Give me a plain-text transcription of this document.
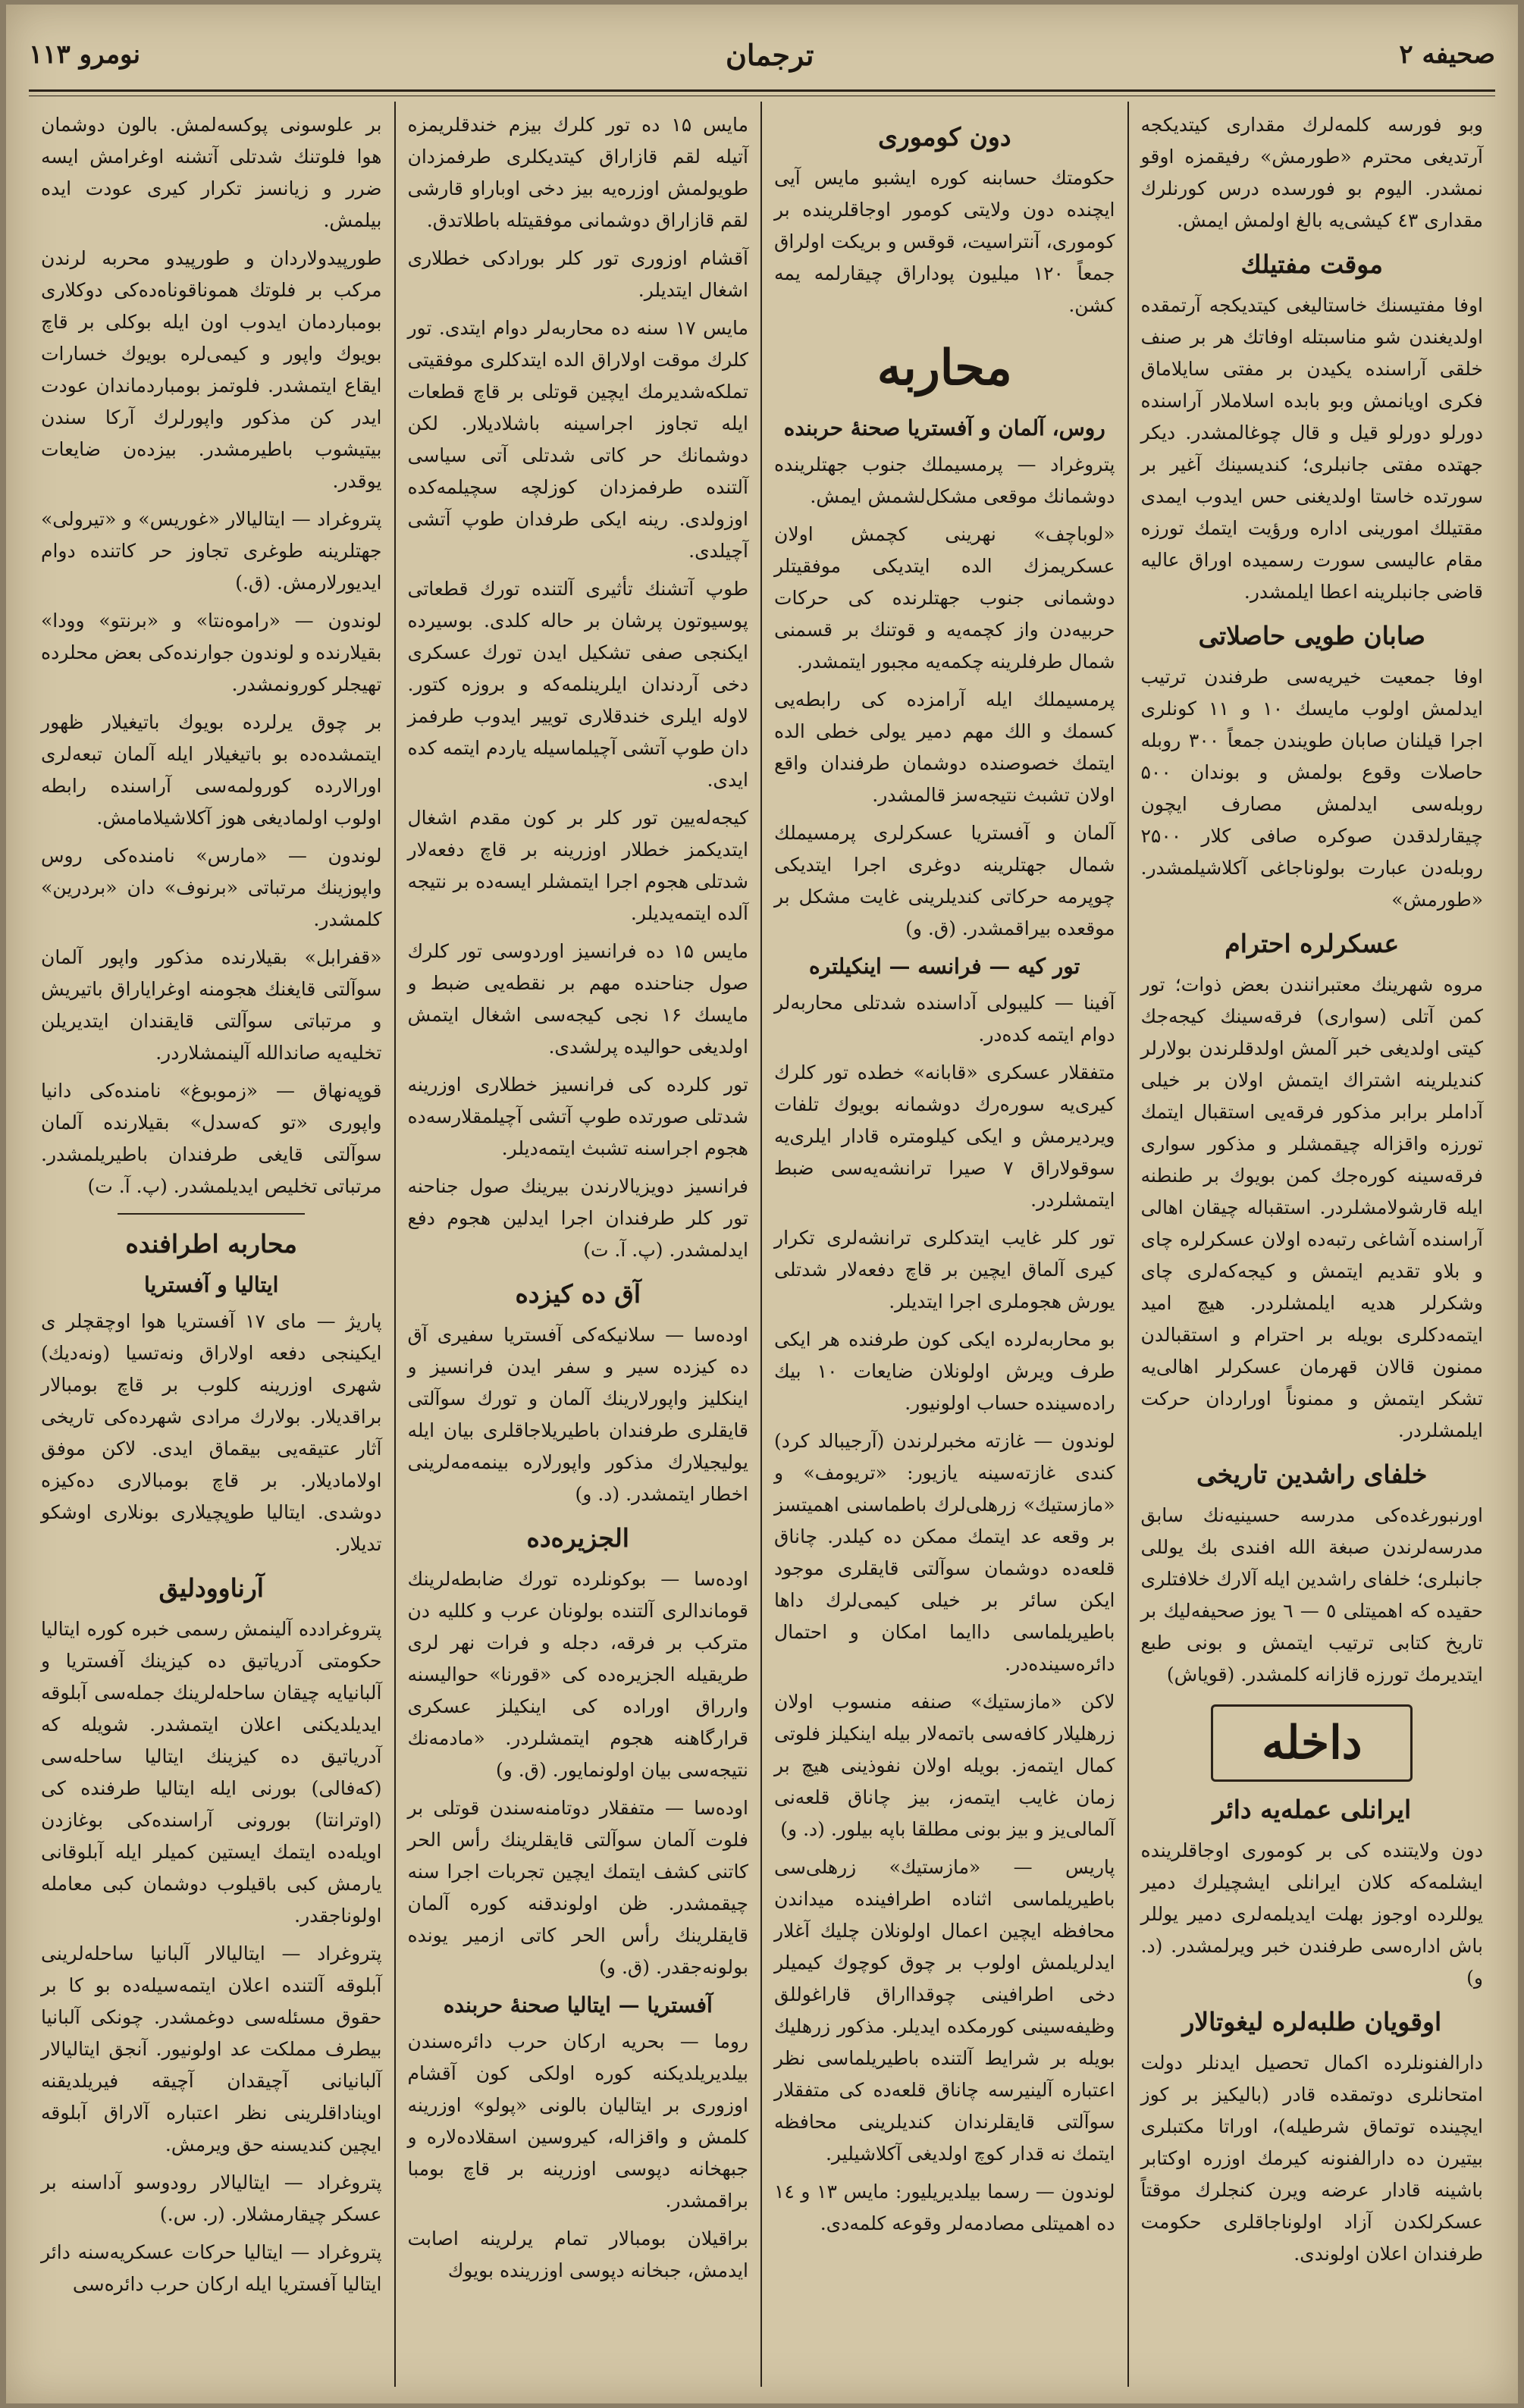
صحيفه ۲
ترجمان
نومرو ۱۱۳

وبو فورسه كلمه‌لرك مقداری كيتديكجه آرتديغی محترم «طورمش» رفيقمزه اوقو نمشدر. الیوم بو فورسده درس كورنلرك مقداری ٤٣ كيشی‌يه بالغ اولمش ايمش.

موقت مفتيلك

اوفا مفتيسنك خاستالیغی كيتديكجه آرتمقده اولديغندن شو مناسبتله اوفاتك هر بر صنف خلقی آراسنده يكيدن بر مفتی سايلاماق فكری اويانمش وبو بابده اسلاملار آراسنده دورلو دورلو قيل و قال چوغالمشدر. ديكر جهتده مفتی جانبلری؛ كنديسينك آغير بر سورتده خاستا اولديغنی حس ايدوب ايمدی مقتيلك امورينی اداره ورؤيت ايتمك تورزه مقام عاليسی سورت رسميده اوراق عالیه قاضی جانبلرينه اعطا ايلمشدر.

صابان طويی حاصلاتی

اوفا جمعيت خيريه‌سی طرفندن ترتيب ايدلمش اولوب مايسك ۱۰ و ۱۱ كونلری اجرا قيلنان صابان طويندن جمعاً ۳۰۰ روبله حاصلات وقوع بولمش و بوندان ۵۰۰ روبله‌سی ايدلمش مصارف ايچون چيقارلدقدن صوكره صافی كلار ۲۵۰۰ روبله‌دن عبارت بولوناجاغی آكلاشيلمشدر. «طورمش»

عسكرلره احترام

مروه شهرينك معتبرانندن بعض ذوات؛ تور كمن آتلی (سواری) فرقه‌سينك كيجه‌جك كيتی اولديغی خبر آلمش اولدقلرندن بولارلر كنديلرينه اشتراك ايتمش اولان بر خيلی آداملر برابر مذكور فرقه‌يی استقبال ايتمك تورزه واقزاله چيقمشلر و مذكور سواری فرقه‌سينه كوره‌جك كمن بويوك بر طنطنه ايله قارشولامشلردر. استقباله چيقان اهالی آراسنده آشاغی رتبه‌ده اولان عسكرلره چای و بلاو تقديم ايتمش و كيجه‌كه‌لری چای وشكرلر هديه ايلمشلردر. هيچ اميد ايتمه‌دكلری بويله بر احترام و استقبالدن ممنون قالان قهرمان عسكرلر اهالی‌يه تشكر ايتمش و ممنوناً اوراردان حركت ايلمشلردر.

خلفای راشدين تاريخی

اورنبورغده‌كی مدرسه حسينيه‌نك سابق مدرسه‌لرندن صبغة الله افندی بك يوللی جانبلری؛ خلفای راشدين ايله آلارك خلافتلری حقيده ‌كه اهميتلی ٥ — ٦ يوز صحيفه‌ليك بر تاريخ كتابی ترتيب ايتمش و بونی طبع ايتديرمك تورزه قازانه كلمشدر. (قوياش)

داخله
ايرانلی عمله‌يه دائر

دون ولايتنده كی بر كوموری اوجاقلرينده ايشلمه‌كه كلان ايرانلی ايشچيلرك دمير يوللرده اوجوز بهلت ايديلمه‌لری دمير يوللر باش اداره‌سی طرفندن خبر ويرلمشدر. (د. و)

اوقويان طلبه‌لره ليغوتالار

دارالفنونلرده اكمال تحصيل ايدنلر دولت امتحانلری دوتمقده قادر (باليكيز بر كوز ايچينده توتماق شرطيله)، اوراتا مكتبلری بيتيرن ده دارالفنونه كيرمك اوزره اوكتابر باشينه قادار عرضه ويرن كنجلرك موقتاً عسكرلكدن آزاد اولوناجاقلری حكومت طرفندان اعلان اولوندی.

دون كوموری

حكومتك حسابنه كوره ايشبو مايس آيی ايچنده دون ولايتی كومور اوجاقلرينده بر كوموری، آنتراسيت، قوقس و بريكت اولراق جمعاً ۱۲۰ ميليون پوداراق چيقارلمه يمه كشن.

محاربه
روس، آلمان و آفستريا صحنهٔ حربنده

پتروغراد — پرمسیملك جنوب جهتلرينده دوشمانك موقعی مشكل‌لشمش ايمش.

«لوباچف» نهرينی كچمش اولان عسكريمزك الده ايتديكی موفقيتلر دوشمانی جنوب جهتلرنده كی حركات حربيه‌دن واز كچمه‌يه و قوتنك بر قسمنی شمال طرفلرينه چكمه‌يه مجبور ايتمشدر.

پرمسيملك ايله آرامزده كی رابطه‌يی كسمك و الك مهم دمير يولی خطی الده ايتمك خصوصنده دوشمان طرفندان واقع اولان تشبث نتيجه‌سز قالمشدر.

آلمان و آفستريا عسكرلری پرمسيملك شمال جهتلرينه دوغری اجرا ايتديكی چوپرمه حركاتی كنديلرينی غايت مشكل بر موقعده بيراقمشدر. (ق. و)

تور كيه — فرانسه — اينكيلتره

آفينا — كليبولی آداسنده شدتلی محاربه‌لر دوام ايتمه كده‌در.

متفقلار عسكری «قابانه» خطده تور كلرك كيری‌يه سوره‌رك دوشمانه بويوك تلفات ويرديرمش و ايكی كيلومتره قادار ايلری‌يه سوقولاراق ۷ صيرا ترانشه‌يه‌سی ضبط ايتمشلردر.

تور كلر غايب ايتدكلری ترانشه‌لری تكرار كيری آلماق ايچين بر قاچ دفعه‌لار شدتلی يورش هجوملری اجرا ايتديلر.

بو محاربه‌لرده ايكی كون طرفنده هر ايكی طرف ويرش اولونلان ضايعات ۱۰ بيك راده‌سينده حساب اولونيور.

لوندون — غازته مخبرلرندن (آرجيبالد كرد) كندی غازته‌سينه يازيور: «تريومف» و «مازستيك» زرهلی‌لرك باطماسنی اهميتسز بر وقعه عد ايتمك ممكن ده كيلدر. چاناق قلعه‌ده دوشمان سوآلتی قايقلری موجود ايكن سائر بر خيلی كيمی‌لرك داها باطيريلماسی داايما امكان و احتمال دائره‌سينده‌در.

لاكن «مازستيك» صنفه منسوب اولان زرهليلار كافه‌سی باتمه‌لار بيله اينكيلز فلوتی كمال ايتمه‌ز. بويله اولان نفوذينی هيچ بر زمان غايب ايتمه‌ز، بيز چاناق قلعه‌نی آلمالی‌يز و بيز بونی مطلقا باپه بيلور. (د. و)

پاريس — «مازستيك» زرهلی‌سی باطيريلماسی اثناده اطرافينده ميداندن محافظه ايچين اعمال اولونلان چليك آغلار ايدلريلمش اولوب بر چوق كوچوك كيميلر دخی اطرافينی چوقدااراق قاراغوللق وظيفه‌سينی كورمكده ايديلر. مذكور زرهليك بويله بر شرايط آلتنده باطيريلماسی نظر اعتباره آلينيرسه چاناق قلعه‌ده كی متفقلار سوآلتی قايقلرندان كنديلرينی محافظه ايتمك نه قدار كوچ اولديغی آكلاشيلير.

لوندون — رسما بيلديريليور: مايس ۱۳ و ۱٤ ده اهميتلی مصادمه‌لر وقوعه كلمه‌دی.

مايس ۱۵ ده تور كلرك بيزم خندقلريمزه آتيله لقم قازاراق كيتديكلری طرفمزدان طويولمش اوزره‌يه بيز دخی اوباراو قارشی لقم قازاراق دوشمانی موفقيتله باطلاتدق.

آقشام اوزوری تور كلر بورادكی خطلاری اشغال ايتديلر.

مايس ۱۷ سنه ده محاربه‌لر دوام ايتدی. تور كلرك موقت اولاراق الده ايتدكلری موفقيتی تملكه‌شديرمك ايچين قوتلی بر قاچ قطعات ايله تجاوز اجراسينه باشلاديلار. لكن دوشمانك حر كاتی شدتلی آتی سياسی آلتنده طرفمزدان كوزلچه سچيلمه‌كده اوزولدی. رينه ايكی طرفدان طوپ آتشی آچيلدی.

طوپ آتشنك تأثيری آلتنده تورك قطعاتی پوسيوتون پرشان بر حاله كلدی. بوسيرده ايكنجی صفی تشكيل ايدن تورك عسكری دخی آردندان ايلرينلمه‌كه و بروزه كتور. لاوله ايلری خندقلاری تويير ايدوب طرفمز‌ دان طوپ آتشی آچيلماسيله ياردم ايتمه كده ايدی.

كيجه‌له‌يين تور كلر بر كون مقدم اشغال ايتديكمز خطلار اوزرينه بر قاچ دفعه‌لار شدتلی هجوم اجرا ايتمشلر ايسه‌ده بر نتيجه آلده ايتمه‌يديلر.

مايس ۱۵ ده فرانسيز اوردوسی تور كلرك صول جناحنده مهم بر نقطه‌يی ضبط و مايسك ۱۶ نجی كيجه‌سی اشغال ايتمش اولديغی حواليده پرلشدی.

تور كلرده كی فرانسيز خطلاری اوزرينه شدتلی صورتده طوپ آتشی آچيلمقلارسه‌ده هجوم اجراسنه تشبث ايتمه‌ديلر.

فرانسيز دويزيالارندن بيرينك صول جناحنه تور كلر طرفندان اجرا ايدلين هجوم دفع ايدلمشدر. (پ. آ. ت)

آق ده كيزده

اوده‌سا — سلانيكه‌كی آفستريا سفيری آق ده كيزده سير و سفر ايدن فرانسيز و اينكليز واپورلارينك آلمان و تورك سوآلتی قايقلری طرفندان باطيريلاجاقلری بيان ايله يوليجيلارك مذكور واپورلاره بينمه‌مه‌لرينی اخطار ايتمشدر. (د. و)

الجزيره‌ده

اوده‌سا — بوكونلرده تورك ضابطه‌لرينك قوماندالری آلتنده بولونان عرب و كلليه‌ دن متركب بر فرقه، دجله و فرات نهر لری طريقيله الجزيره‌ده كی «قورنا» حواليسنه وارراق اوراده كی اينكيلز عسكری قرارگاهنه هجوم ايتمشلردر. «مادمه‌نك نتيجه‌سی بيان اولونمايور. (ق. و)

اوده‌سا — متفقلار دوتامنه‌سندن قوتلی بر فلوت آلمان سوآلتی قايقلرينك رأس الحر كاتنی كشف ايتمك ايچين تجربات اجرا سنه چيقمشدر. ظن اولوندقنه كوره آلمان قايقلرينك رأس الحر كاتی ازمير يونده بولونه‌جقدر. (ق. و)

آفستريا — ايتاليا صحنهٔ حربنده

روما — بحريه اركان حرب دائره‌سندن بيلديريلديكنه كوره اولكی كون آقشام اوزوری بر ايتاليان بالونی «پولو» اوزرينه كلمش و واقزاله، كيروسين اسقلاده‌لاره و جبهخانه دپوسی اوزرينه بر قاچ بومبا براقمشدر.

براقيلان بومبالار تمام يرلرينه اصابت ايدمش، جبخانه دپوسی اوزرينده بويوك

بر علوسونی پوكسه‌لمش. بالون دوشمان هوا فلوتنك شدتلی آتشنه اوغرامش ايسه ضرر و زيانسز تكرار كيری عودت ايده بيلمش.

طورپيدولاردان و طورپيدو محربه لرندن مركب بر فلوتك هموناقوناه‌ده‌كی دوكلاری بومباردمان ايدوب اون ايله بوكلی بر قاچ بويوك واپور و كيمی‌لره بويوك خسارات ايقاع ايتمشدر. فلوتمز بومباردماندان عودت ايدر كن مذكور واپورلرك آركا سندن بيتيشوب باطيرمشدر. بيزده‌ن ضايعات يوقدر.

پتروغراد — ايتاليالار «غوريس» و «تيرولی» جهتلرينه طوغری تجاوز حر كاتنده دوام ايديورلارمش. (ق.)

لوندون — «راموه‌نتا» و «برنتو» وودا» بقيلارنده و لوندون جوارنده‌كی بعض محلرده تهيجلر كورونمشدر.

بر چوق يرلرده بويوك باتيغيلار ظهور ايتمشده‌ده بو باتيغيلار ايله آلمان تبعه‌لری اورالارده كورولمه‌سی آراسنده رابطه اولوب اولماديغی هوز آكلاشيلامامش.

لوندون — «مارس» نامنده‌كی روس واپوزينك مرتباتی «برنوف» دان «بردرين» كلمشدر.

«قفرابل» بقيلارنده مذكور واپور آلمان سوآلتی قايغنك هجومنه اوغراياراق باتيريش و مرتباتی سوآلتی قايقندان ايتديريلن تخليه‌يه صاندالله آلينمشلاردر.

قوپه‌نهاق — «زموبوغ» نامنده‌كی دانيا واپوری «تو كه‌سدل» بقيلارنده آلمان سوآلتی قايغی طرفندان باطيريلمشدر. مرتباتی تخليص ايديلمشدر. (پ. آ. ت)

محاربه اطرافنده
ايتاليا و آفستريا

پاريژ — مای ۱۷ آفستريا هوا اوچقچلر ی ايكينجی دفعه اولاراق ونه‌تسيا (ونه‌ديك) شهری اوزرينه كلوب بر قاچ بومبالار براقديلار. بولارك مرادی شهرده‌كی تاريخی آثار عتيقه‌يی بيقماق ايدی. لاكن موفق اولاماديلار. بر قاچ بومبالاری ده‌كيزه دوشدی. ايتاليا طوپچيلاری بونلاری اوشكو تديلار.

آرناوودليق

پتروغرادده آلينمش رسمی خبره كوره ايتاليا حكومتی آدرياتيق ده كيزينك آفستريا و آلبانيايه چيقان ساحله‌لرينك جمله‌سی آبلوقه ايديلديكنی اعلان ايتمشدر. شويله كه آدرياتيق ده كيزينك ايتاليا ساحله‌سی (كه‌فالی) بورنی ايله ايتاليا طرفنده كی (اوترانتا) بورونی آراسنده‌كی بوغازدن اويله‌ده ايتمك ايستين كميلر ايله آبلوقانی يارمش كبی باقيلوب دوشمان كبی معامله اولوناجقدر.

پتروغراد — ايتاليالار آلبانيا ساحله‌لرينی آبلوقه آلتنده اعلان ايتمه‌سيله‌ده بو كا بر حقوق مسئله‌سی دوغمشدر. چونكی آلبانيا بيطرف مملكت عد اولونيور. آنجق ايتاليالار آلبانيانی آچيقدان آچيقه فيريلديقنه اويناداقلرينی نظر اعتباره آلاراق آبلوقه ايچين كنديسنه حق ويرمش.

پتروغراد — ايتاليالار رودوسو آداسنه بر عسكر چيقارمشلار. (ر. س.)

پتروغراد — ايتاليا حركات عسكريه‌سنه دائر ايتاليا آفستريا ايله اركان حرب دائره‌سی
